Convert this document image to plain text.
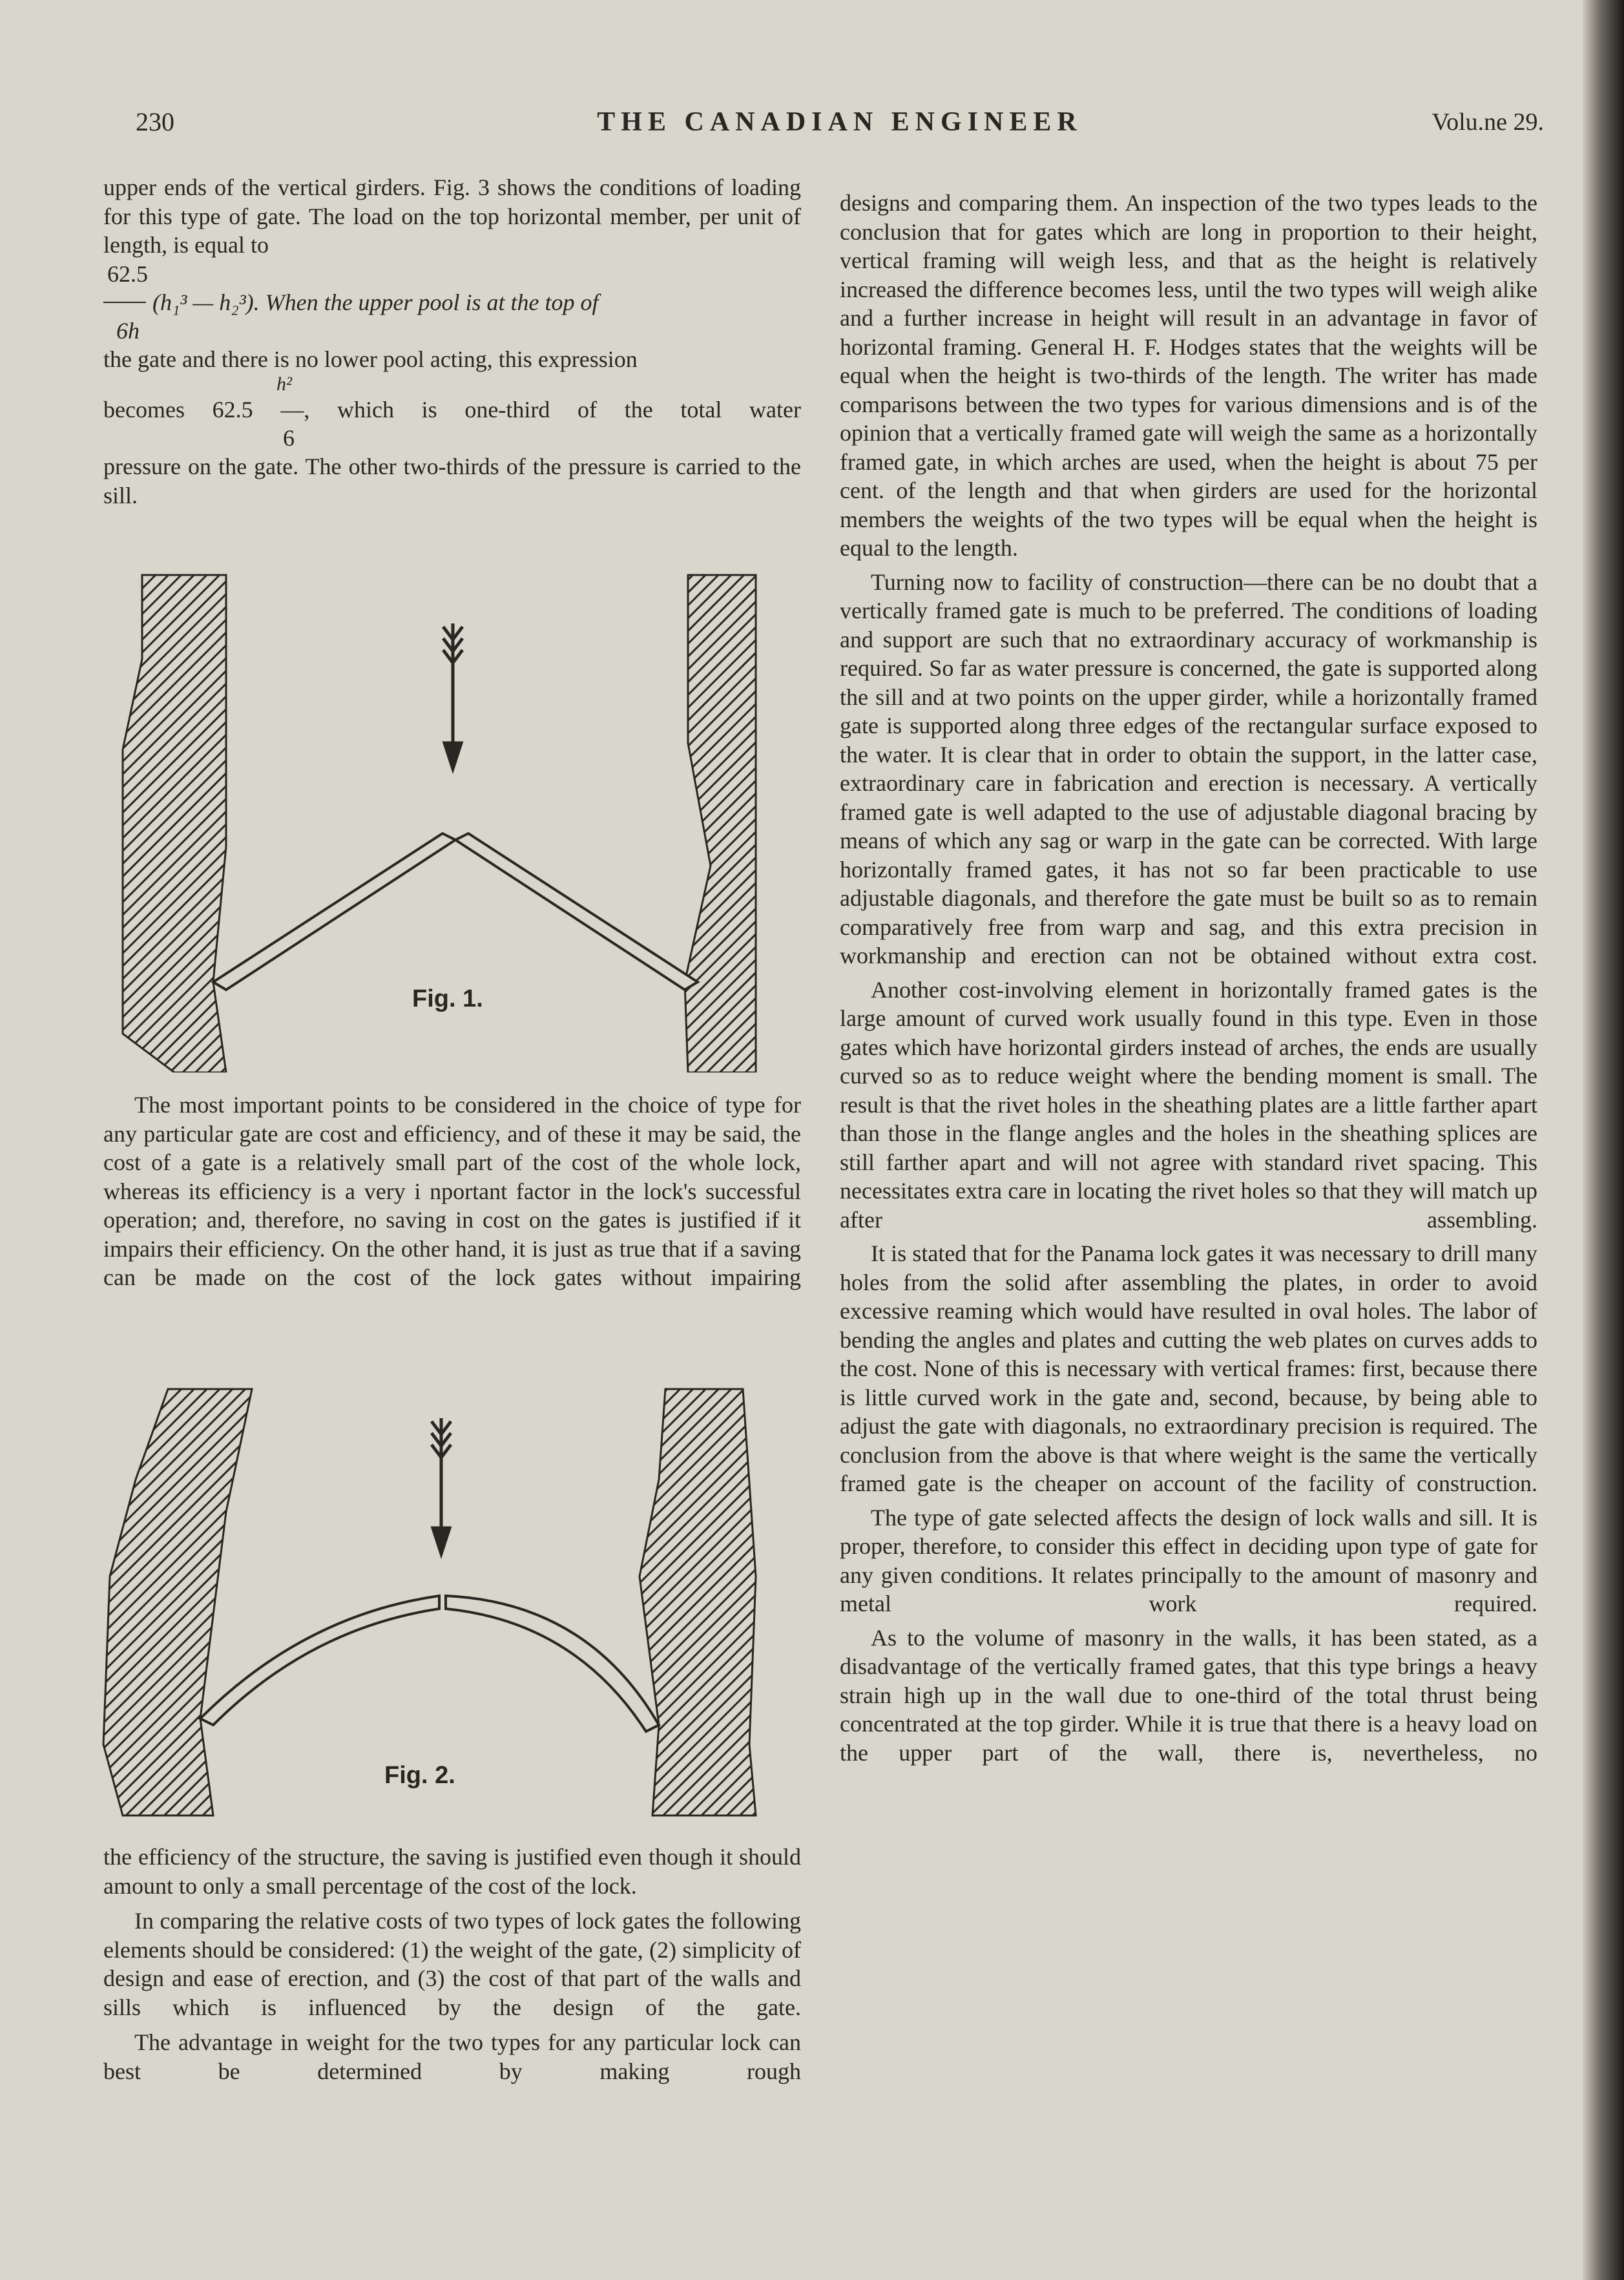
230	THE CANADIAN ENGINEER	Volu.ne 29.

upper ends of the vertical girders. Fig. 3 shows the conditions of loading for this type of gate. The load on the top horizontal member, per unit of length, is equal to

62.5
(h₁³ — h₂³). When the upper pool is at the top of
6h

the gate and there is no lower pool acting, this expression

h²
becomes 62.5 —, which is one-third of the total water
6

pressure on the gate. The other two-thirds of the pressure is carried to the sill.

Fig. 1.

The most important points to be considered in the choice of type for any particular gate are cost and efficiency, and of these it may be said, the cost of a gate is a relatively small part of the cost of the whole lock, whereas its efficiency is a very i nportant factor in the lock's successful operation; and, therefore, no saving in cost on the gates is justified if it impairs their efficiency. On the other hand, it is just as true that if a saving can be made on the cost of the lock gates without impairing

Fig. 2.

the efficiency of the structure, the saving is justified even though it should amount to only a small percentage of the cost of the lock.

In comparing the relative costs of two types of lock gates the following elements should be considered: (1) the weight of the gate, (2) simplicity of design and ease of erection, and (3) the cost of that part of the walls and sills which is influenced by the design of the gate.

The advantage in weight for the two types for any particular lock can best be determined by making rough

designs and comparing them. An inspection of the two types leads to the conclusion that for gates which are long in proportion to their height, vertical framing will weigh less, and that as the height is relatively increased the difference becomes less, until the two types will weigh alike and a further increase in height will result in an advantage in favor of horizontal framing. General H. F. Hodges states that the weights will be equal when the height is two-thirds of the length. The writer has made comparisons between the two types for various dimensions and is of the opinion that a vertically framed gate will weigh the same as a horizontally framed gate, in which arches are used, when the height is about 75 per cent. of the length and that when girders are used for the horizontal members the weights of the two types will be equal when the height is equal to the length.

Turning now to facility of construction—there can be no doubt that a vertically framed gate is much to be preferred. The conditions of loading and support are such that no extraordinary accuracy of workmanship is required. So far as water pressure is concerned, the gate is supported along the sill and at two points on the upper girder, while a horizontally framed gate is supported along three edges of the rectangular surface exposed to the water. It is clear that in order to obtain the support, in the latter case, extraordinary care in fabrication and erection is necessary. A vertically framed gate is well adapted to the use of adjustable diagonal bracing by means of which any sag or warp in the gate can be corrected. With large horizontally framed gates, it has not so far been practicable to use adjustable diagonals, and therefore the gate must be built so as to remain comparatively free from warp and sag, and this extra precision in workmanship and erection can not be obtained without extra cost.

Another cost-involving element in horizontally framed gates is the large amount of curved work usually found in this type. Even in those gates which have horizontal girders instead of arches, the ends are usually curved so as to reduce weight where the bending moment is small. The result is that the rivet holes in the sheathing plates are a little farther apart than those in the flange angles and the holes in the sheathing splices are still farther apart and will not agree with standard rivet spacing. This necessitates extra care in locating the rivet holes so that they will match up after assembling.

It is stated that for the Panama lock gates it was necessary to drill many holes from the solid after assembling the plates, in order to avoid excessive reaming which would have resulted in oval holes. The labor of bending the angles and plates and cutting the web plates on curves adds to the cost. None of this is necessary with vertical frames: first, because there is little curved work in the gate and, second, because, by being able to adjust the gate with diagonals, no extraordinary precision is required. The conclusion from the above is that where weight is the same the vertically framed gate is the cheaper on account of the facility of construction.

The type of gate selected affects the design of lock walls and sill. It is proper, therefore, to consider this effect in deciding upon type of gate for any given conditions. It relates principally to the amount of masonry and metal work required.

As to the volume of masonry in the walls, it has been stated, as a disadvantage of the vertically framed gates, that this type brings a heavy strain high up in the wall due to one-third of the total thrust being concentrated at the top girder. While it is true that there is a heavy load on the upper part of the wall, there is, nevertheless, no
